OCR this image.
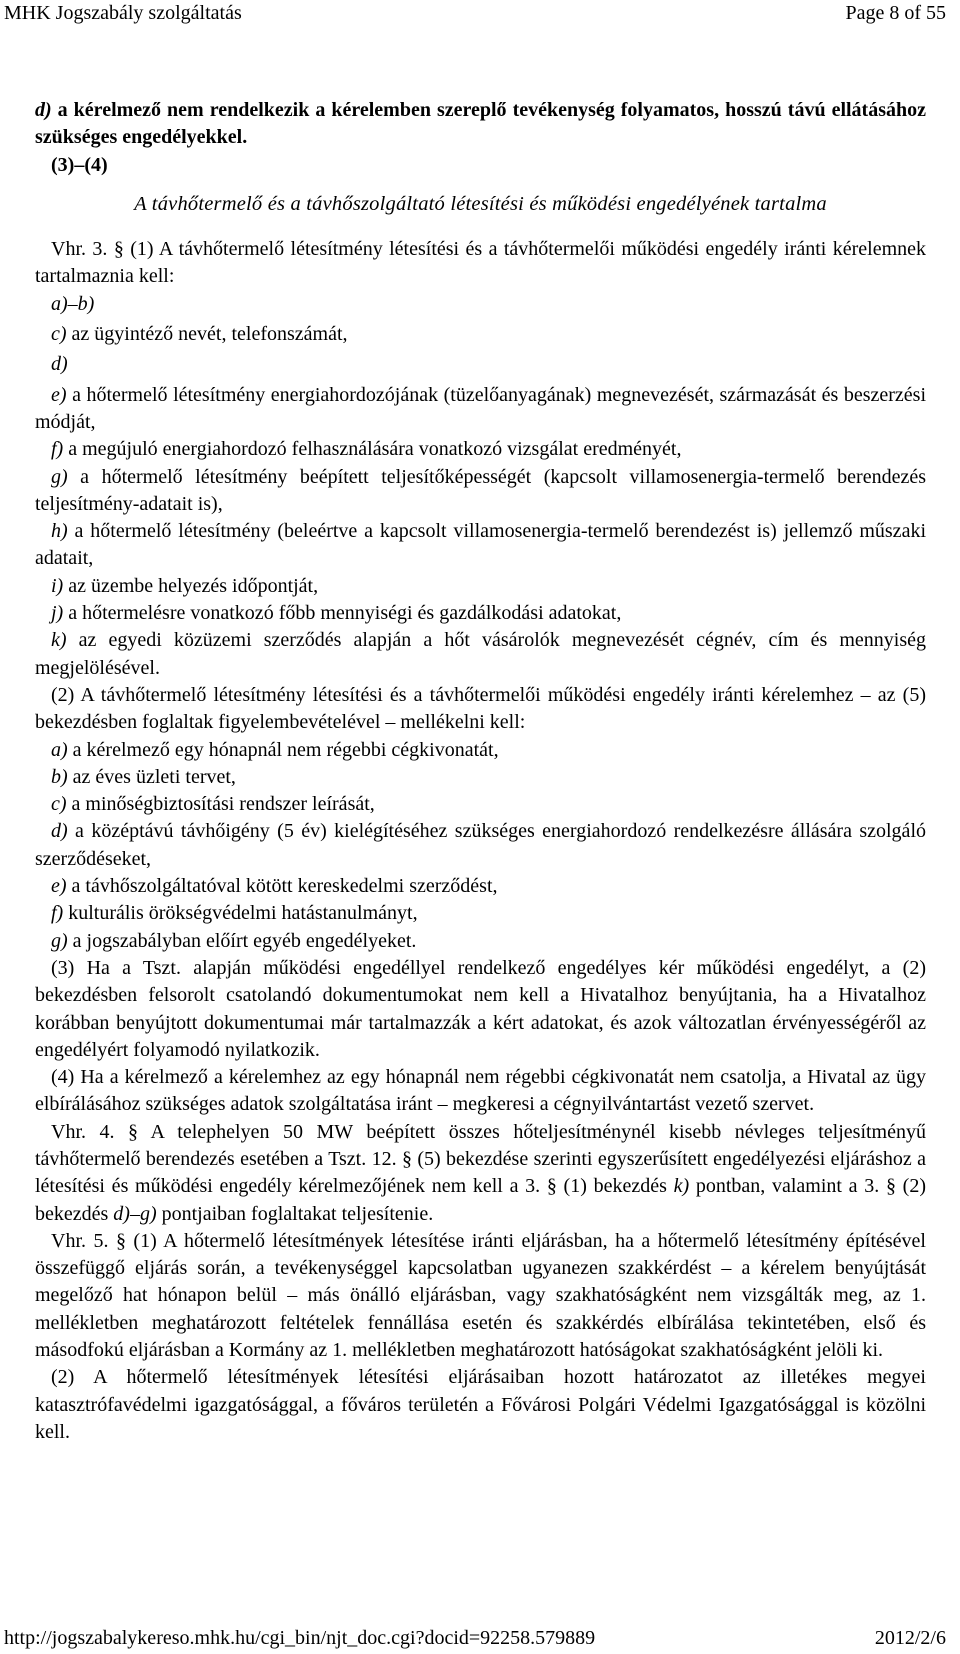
MHK Jogszabály szolgáltatás	Page 8 of 55

d) a kérelmező nem rendelkezik a kérelemben szereplő tevékenység folyamatos, hosszú távú ellátásához szükséges engedélyekkel.

(3)–(4)

A távhőtermelő és a távhőszolgáltató létesítési és működési engedélyének tartalma

Vhr. 3. § (1) A távhőtermelő létesítmény létesítési és a távhőtermelői működési engedély iránti kérelemnek tartalmaznia kell:

a)–b)

c) az ügyintéző nevét, telefonszámát,

d)

e) a hőtermelő létesítmény energiahordozójának (tüzelőanyagának) megnevezését, származását és beszerzési módját,

f) a megújuló energiahordozó felhasználására vonatkozó vizsgálat eredményét,

g) a hőtermelő létesítmény beépített teljesítőképességét (kapcsolt villamosenergia-termelő berendezés teljesítmény-adatait is),

h) a hőtermelő létesítmény (beleértve a kapcsolt villamosenergia-termelő berendezést is) jellemző műszaki adatait,

i) az üzembe helyezés időpontját,

j) a hőtermelésre vonatkozó főbb mennyiségi és gazdálkodási adatokat,

k) az egyedi közüzemi szerződés alapján a hőt vásárolók megnevezését cégnév, cím és mennyiség megjelölésével.

(2) A távhőtermelő létesítmény létesítési és a távhőtermelői működési engedély iránti kérelemhez – az (5) bekezdésben foglaltak figyelembevételével – mellékelni kell:

a) a kérelmező egy hónapnál nem régebbi cégkivonatát,

b) az éves üzleti tervet,

c) a minőségbiztosítási rendszer leírását,

d) a középtávú távhőigény (5 év) kielégítéséhez szükséges energiahordozó rendelkezésre állására szolgáló szerződéseket,

e) a távhőszolgáltatóval kötött kereskedelmi szerződést,

f) kulturális örökségvédelmi hatástanulmányt,

g) a jogszabályban előírt egyéb engedélyeket.

(3) Ha a Tszt. alapján működési engedéllyel rendelkező engedélyes kér működési engedélyt, a (2) bekezdésben felsorolt csatolandó dokumentumokat nem kell a Hivatalhoz benyújtania, ha a Hivatalhoz korábban benyújtott dokumentumai már tartalmazzák a kért adatokat, és azok változatlan érvényességéről az engedélyért folyamodó nyilatkozik.

(4) Ha a kérelmező a kérelemhez az egy hónapnál nem régebbi cégkivonatát nem csatolja, a Hivatal az ügy elbírálásához szükséges adatok szolgáltatása iránt – megkeresi a cégnyilvántartást vezető szervet.

Vhr. 4. § A telephelyen 50 MW beépített összes hőteljesítménynél kisebb névleges teljesítményű távhőtermelő berendezés esetében a Tszt. 12. § (5) bekezdése szerinti egyszerűsített engedélyezési eljáráshoz a létesítési és működési engedély kérelmezőjének nem kell a 3. § (1) bekezdés k) pontban, valamint a 3. § (2) bekezdés d)–g) pontjaiban foglaltakat teljesítenie.

Vhr. 5. § (1) A hőtermelő létesítmények létesítése iránti eljárásban, ha a hőtermelő létesítmény építésével összefüggő eljárás során, a tevékenységgel kapcsolatban ugyanezen szakkérdést – a kérelem benyújtását megelőző hat hónapon belül – más önálló eljárásban, vagy szakhatóságként nem vizsgálták meg, az 1. mellékletben meghatározott feltételek fennállása esetén és szakkérdés elbírálása tekintetében, első és másodfokú eljárásban a Kormány az 1. mellékletben meghatározott hatóságokat szakhatóságként jelöli ki.

(2) A hőtermelő létesítmények létesítési eljárásaiban hozott határozatot az illetékes megyei katasztrófavédelmi igazgatósággal, a főváros területén a Fővárosi Polgári Védelmi Igazgatósággal is közölni kell.

http://jogszabalykereso.mhk.hu/cgi_bin/njt_doc.cgi?docid=92258.579889	2012/2/6
